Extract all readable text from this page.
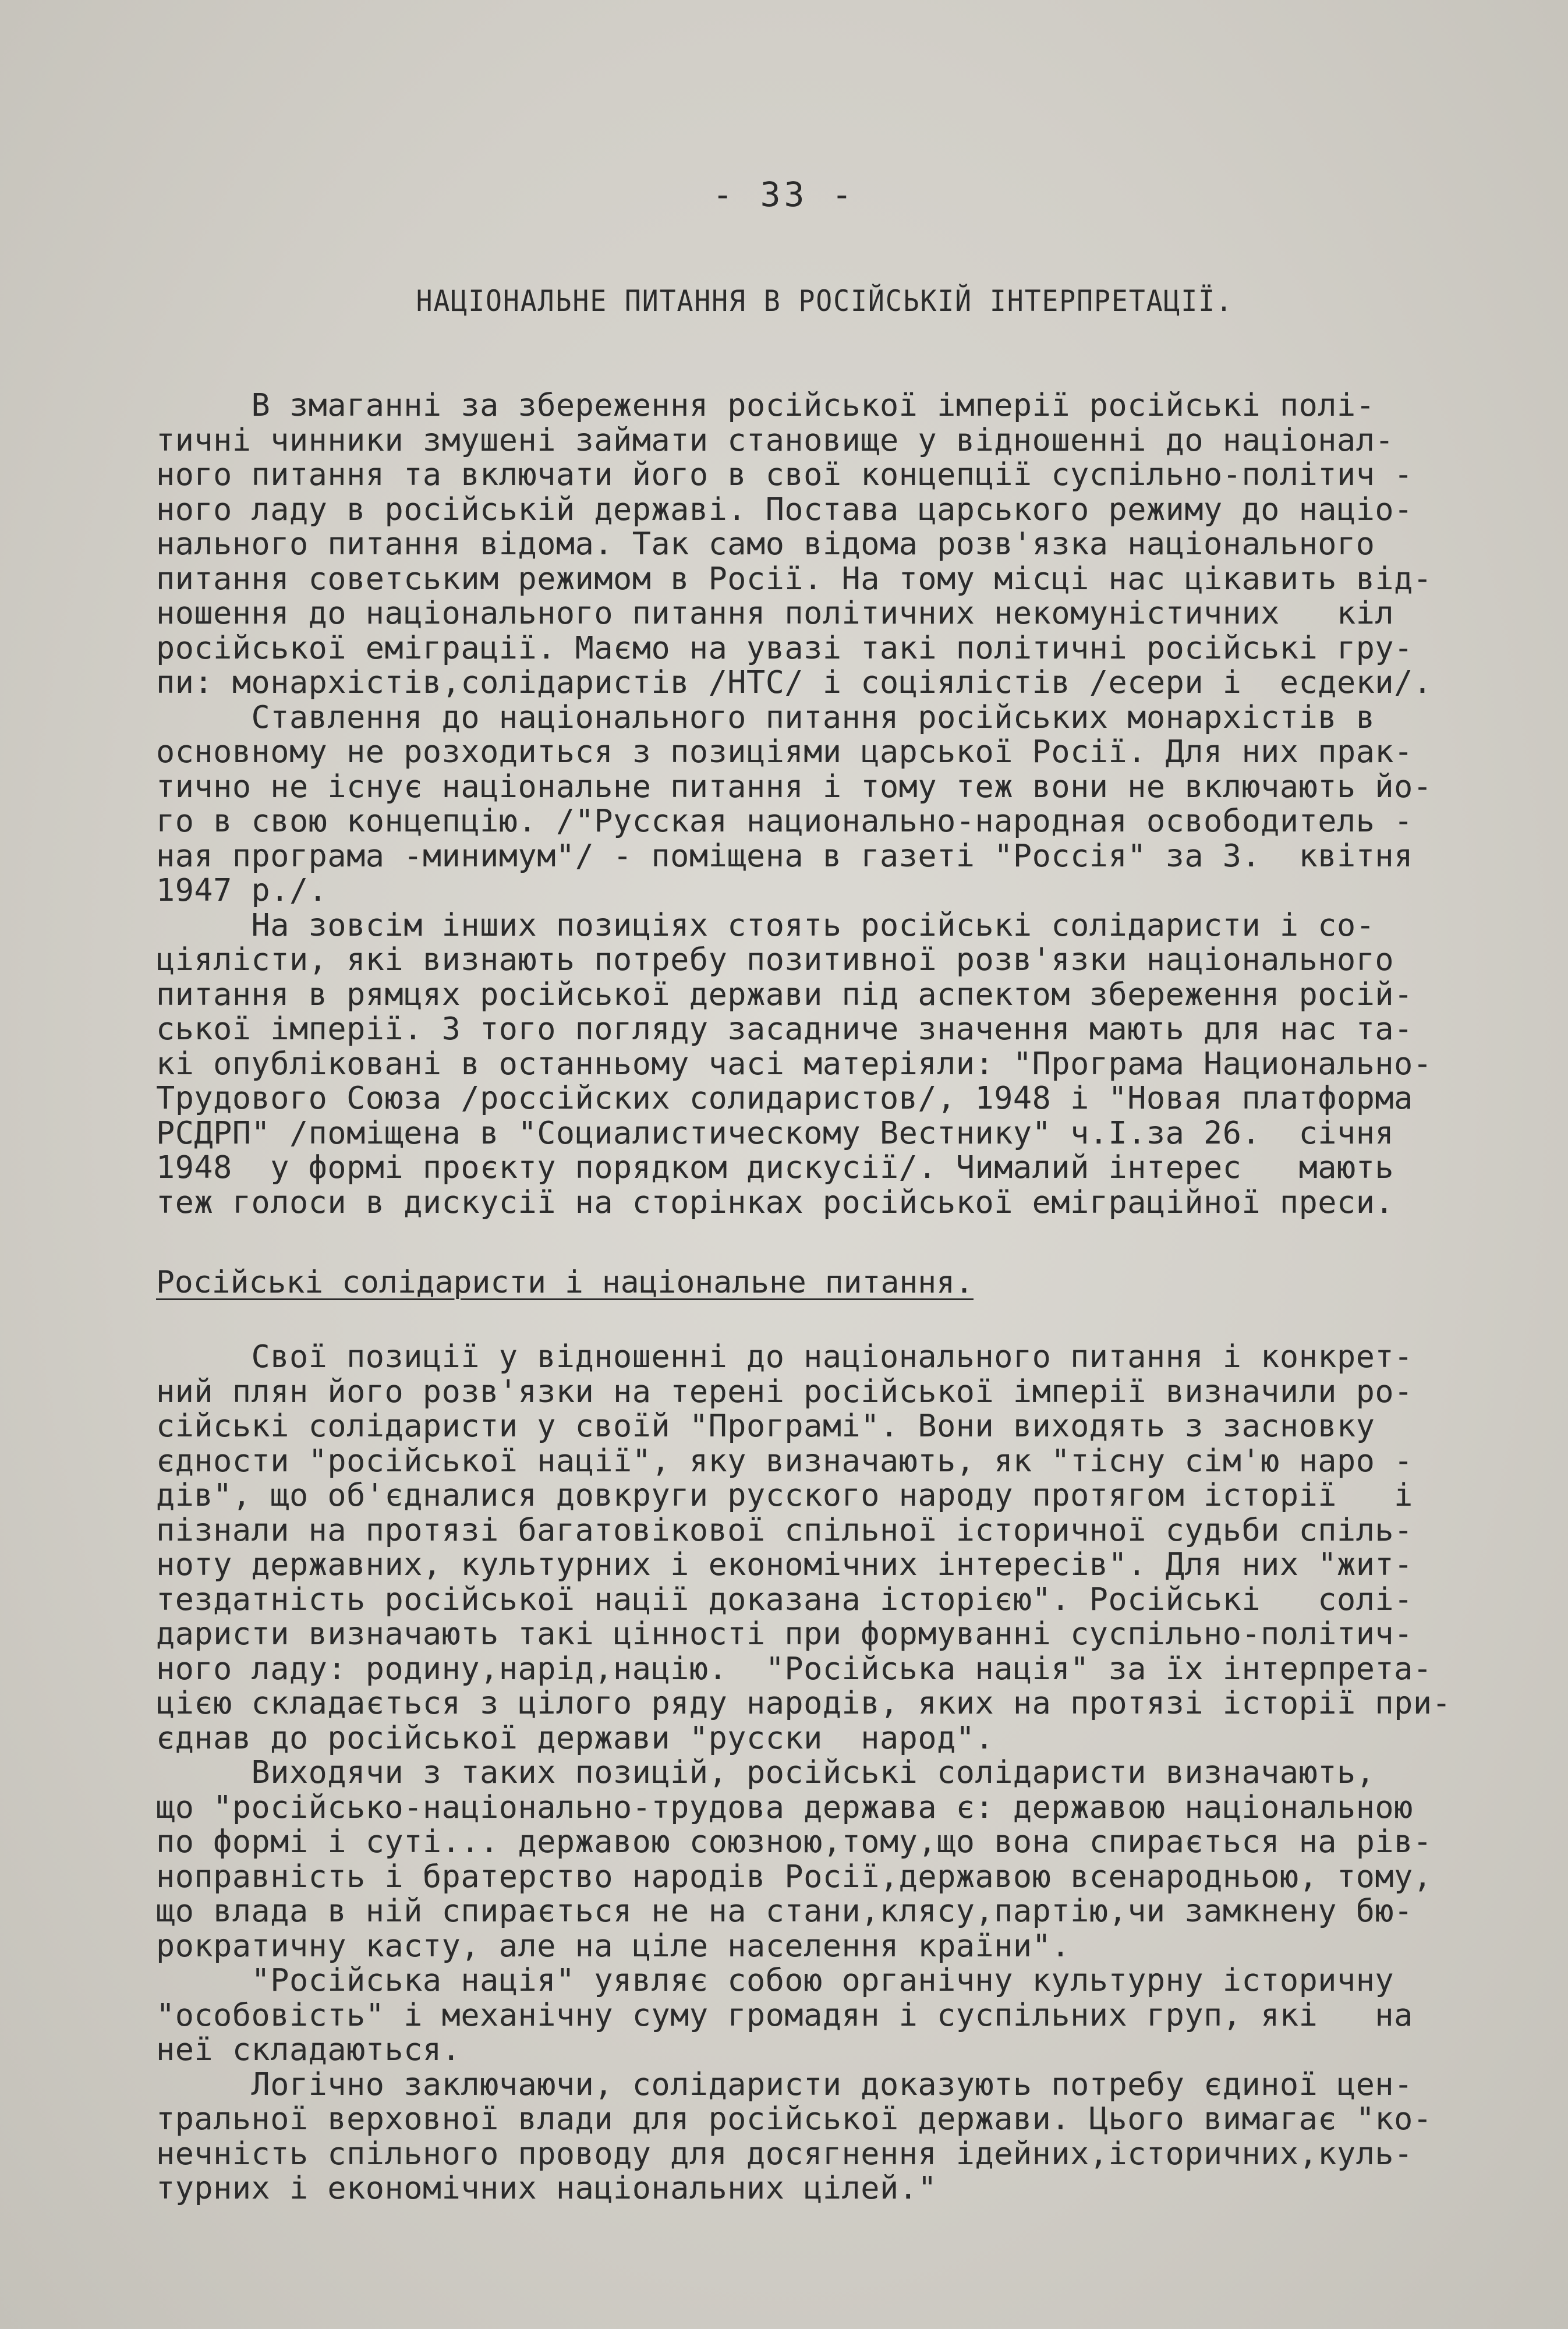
- 33 -
НАЦІОНАЛЬНЕ ПИТАННЯ В РОСІЙСЬКІЙ ІНТЕРПРЕТАЦІЇ.
В змаганні за збереження російської імперії російські полі-
тичні чинники змушені займати становище у відношенні до націонал-
ного питання та включати його в свої концепції суспільно-політич -
ного ладу в російській державі. Постава царського режиму до націо-
нального питання відома. Так само відома розв'язка національного
питання советським режимом в Росії. На тому місці нас цікавить від-
ношення до національного питання політичних некомуністичних   кіл
російської еміграції. Маємо на увазі такі політичні російські гру-
пи: монархістів,солідаристів /НТС/ і соціялістів /есери і  есдеки/.
Ставлення до національного питання російських монархістів в
основному не розходиться з позиціями царської Росії. Для них прак-
тично не існує національне питання і тому теж вони не включають йо-
го в свою концепцію. /"Русская национально-народная освободитель -
ная програма -минимум"/ - поміщена в газеті "Россія" за 3.  квітня
1947 р./.
На зовсім інших позиціях стоять російські солідаристи і со-
ціялісти, які визнають потребу позитивної розв'язки національного
питання в рямцях російської держави під аспектом збереження росій-
ської імперії. З того погляду засадниче значення мають для нас та-
кі опубліковані в останньому часі матеріяли: "Програма Национально-
Трудового Союза /россійских солидаристов/, 1948 і "Новая платформа
РСДРП" /поміщена в "Социалистическому Вестнику" ч.І.за 26.  січня
1948  у формі проєкту порядком дискусії/. Чималий інтерес   мають
теж голоси в дискусії на сторінках російської еміграційної преси.
Російські солідаристи і національне питання.
Свої позиції у відношенні до національного питання і конкрет-
ний плян його розв'язки на терені російської імперії визначили ро-
сійські солідаристи у своїй "Програмі". Вони виходять з засновку
єдности "російської нації", яку визначають, як "тісну сім'ю наро -
дів", що об'єдналися довкруги русского народу протягом історії   і
пізнали на протязі багатовікової спільної історичної судьби спіль-
ноту державних, культурних і економічних інтересів". Для них "жит-
тездатність російської нації доказана історією". Російські   солі-
даристи визначають такі цінності при формуванні суспільно-політич-
ного ладу: родину,нарід,націю.  "Російська нація" за їх інтерпрета-
цією складається з цілого ряду народів, яких на протязі історії при-
єднав до російської держави "русски  народ".
Виходячи з таких позицій, російські солідаристи визначають,
що "російсько-національно-трудова держава є: державою національною
по формі і суті... державою союзною,тому,що вона спирається на рів-
ноправність і братерство народів Росії,державою всенародньою, тому,
що влада в ній спирається не на стани,клясу,партію,чи замкнену бю-
рократичну касту, але на ціле населення країни".
"Російська нація" уявляє собою органічну культурну історичну
"особовість" і механічну суму громадян і суспільних груп, які   на
неї складаються.
Логічно заключаючи, солідаристи доказують потребу єдиної цен-
тральної верховної влади для російської держави. Цього вимагає "ко-
нечність спільного проводу для досягнення ідейних,історичних,куль-
турних і економічних національних цілей."
